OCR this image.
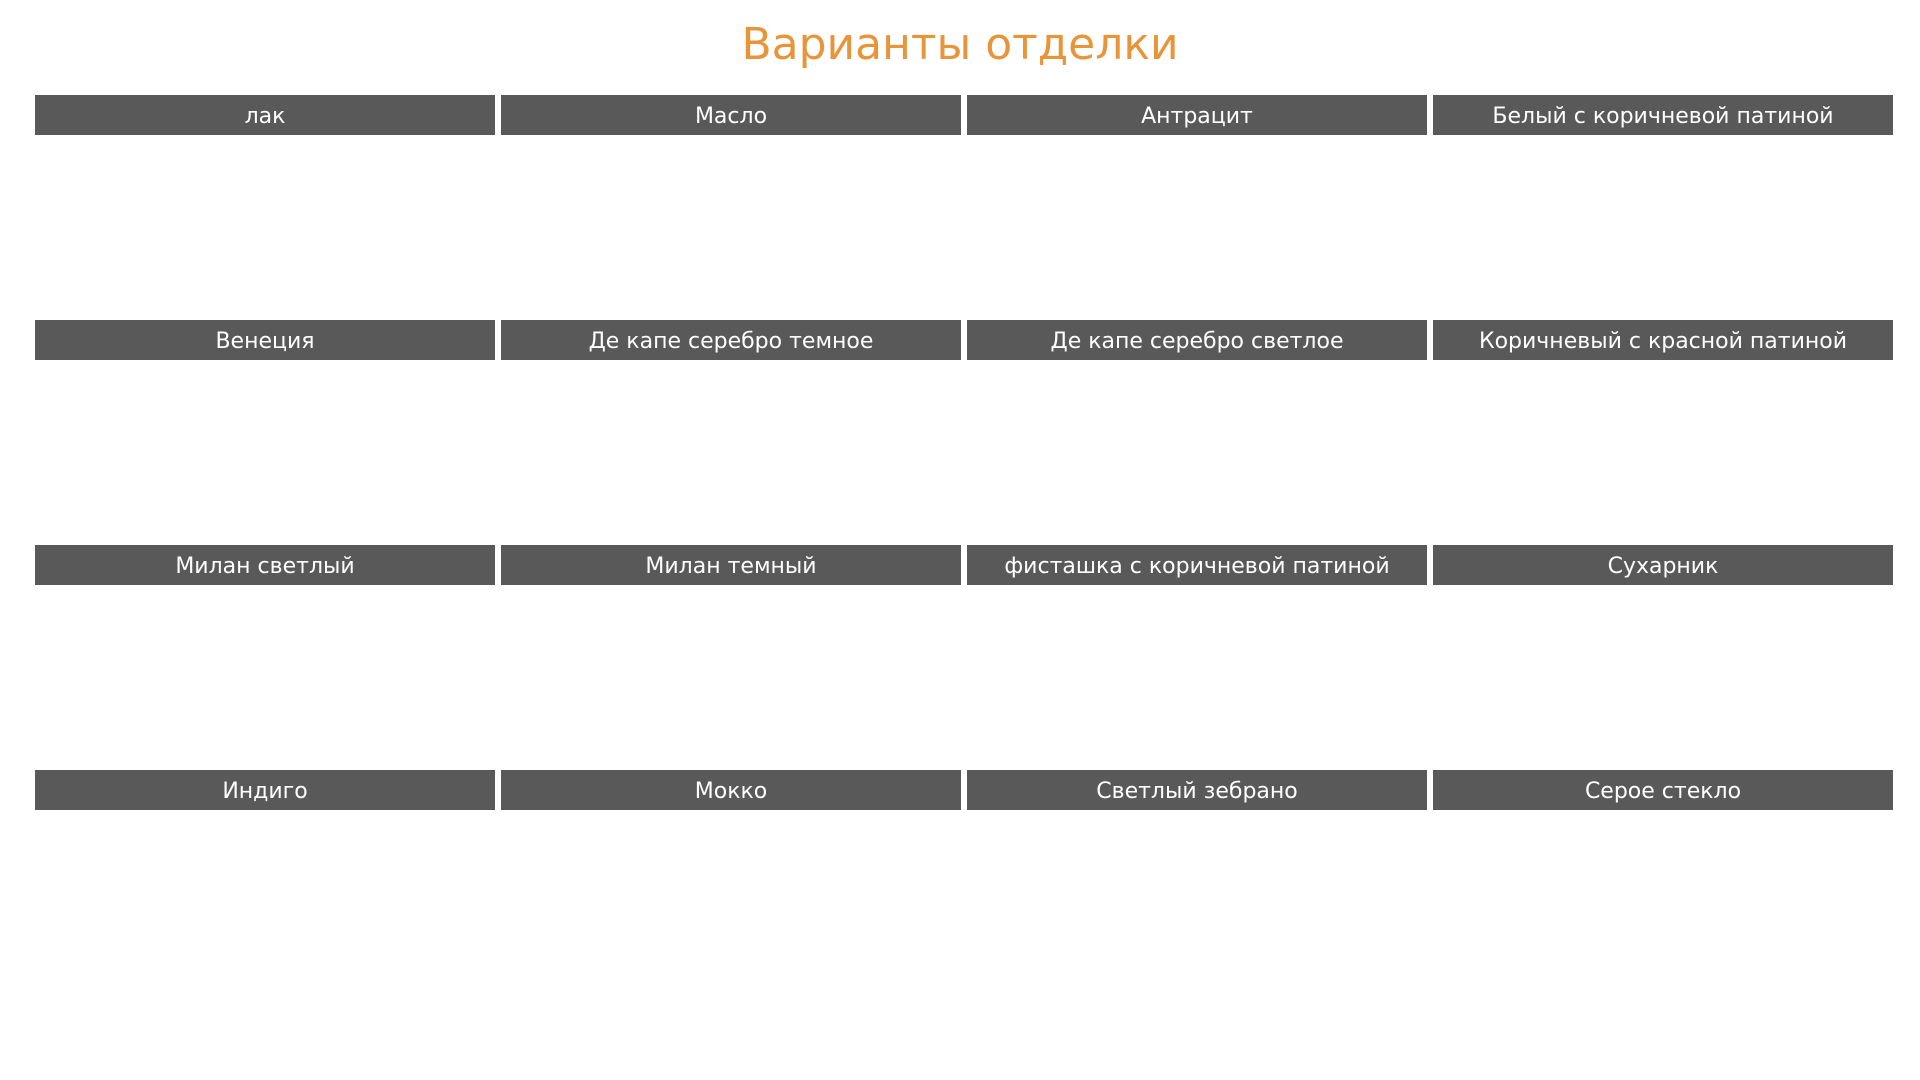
Варианты отделки
лак	Масло	Антрацит	Белый с коричневой патиной
Венеция	Де капе серебро темное	Де капе серебро светлое	Коричневый с красной патиной
Милан светлый	Милан темный	фисташка с коричневой патиной	Сухарник
Индиго	Мокко	Светлый зебрано	Серое стекло
